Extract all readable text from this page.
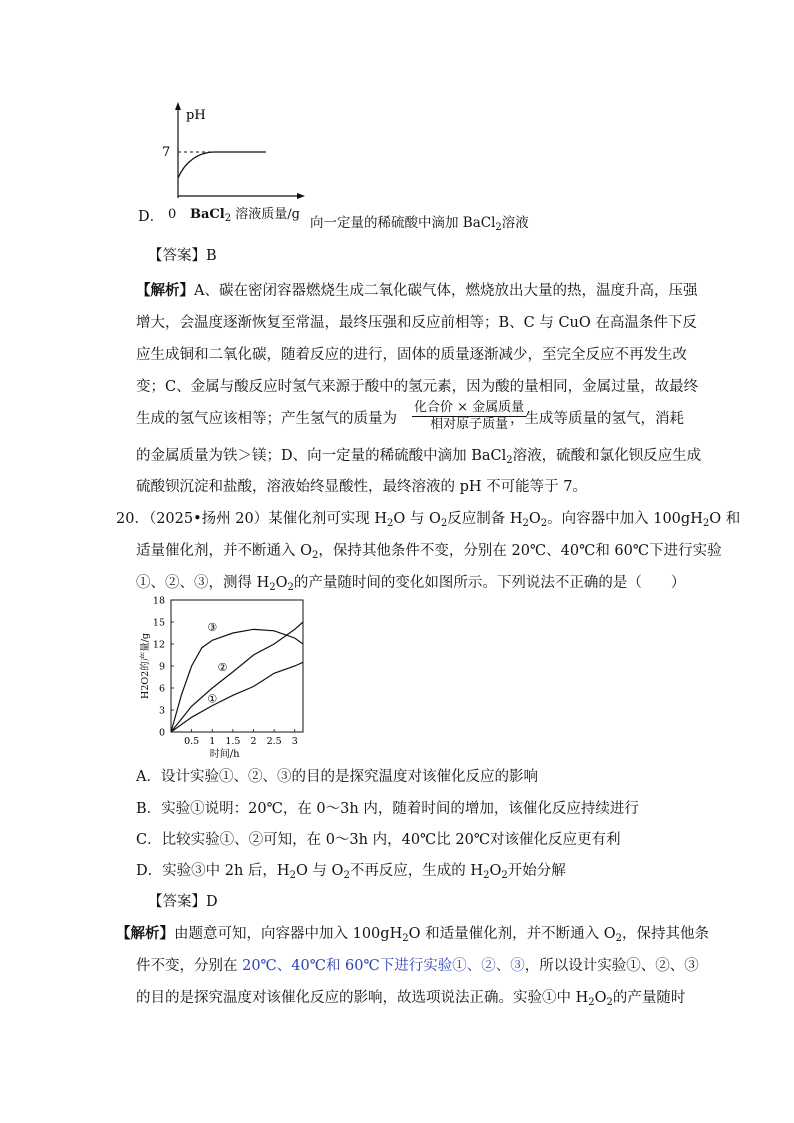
pH
7
D． 0 BaCl$_2$ 溶液质量/g
向一定量的稀硫酸中滴加 BaCl$_2$溶液
【答案】B
【解析】A、碳在密闭容器燃烧生成二氧化碳气体，燃烧放出大量的热，温度升高，压强
增大，会温度逐渐恢复至常温，最终压强和反应前相等；B、C 与 CuO 在高温条件下反
应生成铜和二氧化碳，随着反应的进行，固体的质量逐渐减少，至完全反应不再发生改
变；C、金属与酸反应时氢气来源于酸中的氢元素，因为酸的量相同，金属过量，故最终
生成的氢气应该相等；产生氢气的质量为
化合价 × 金属质量
相对原子质量 ，生成等质量的氢气，消耗
的金属质量为铁＞镁；D、向一定量的稀硫酸中滴加 BaCl$_2$溶液，硫酸和氯化钡反应生成
硫酸钡沉淀和盐酸，溶液始终显酸性，最终溶液的 pH 不可能等于 7。
20．（2025•扬州 20）某催化剂可实现 $H_2O$ 与 $O_2$反应制备 $H_2O_2$。向容器中加入 $100gH_2O$ 和
适量催化剂，并不断通入 $O_2$，保持其他条件不变，分别在 20℃、40℃和 60℃下进行实验
①、②、③，测得 $H_2O_2$的产量随时间的变化如图所示。下列说法不正确的是（　　）
0
3
6
9
12
15
18
0.5 1 1.5 2 2.5 3
时间/h
H2O2的产量/g
①
②
③
A．设计实验①、②、③的目的是探究温度对该催化反应的影响
B．实验①说明：20℃，在 0～3h 内，随着时间的增加，该催化反应持续进行
C．比较实验①、②可知，在 0～3h 内，40℃比 20℃对该催化反应更有利
D．实验③中 2h 后，$H_2O$ 与 $O_2$不再反应，生成的 $H_2O_2$开始分解
【答案】D
【解析】由题意可知，向容器中加入 $100gH_2O$ 和适量催化剂，并不断通入 $O_2$，保持其他条
件不变，分别在 20℃、40℃和 60℃下进行实验①、②、③，所以设计实验①、②、③
的目的是探究温度对该催化反应的影响，故选项说法正确。实验①中 $H_2O_2$的产量随时
